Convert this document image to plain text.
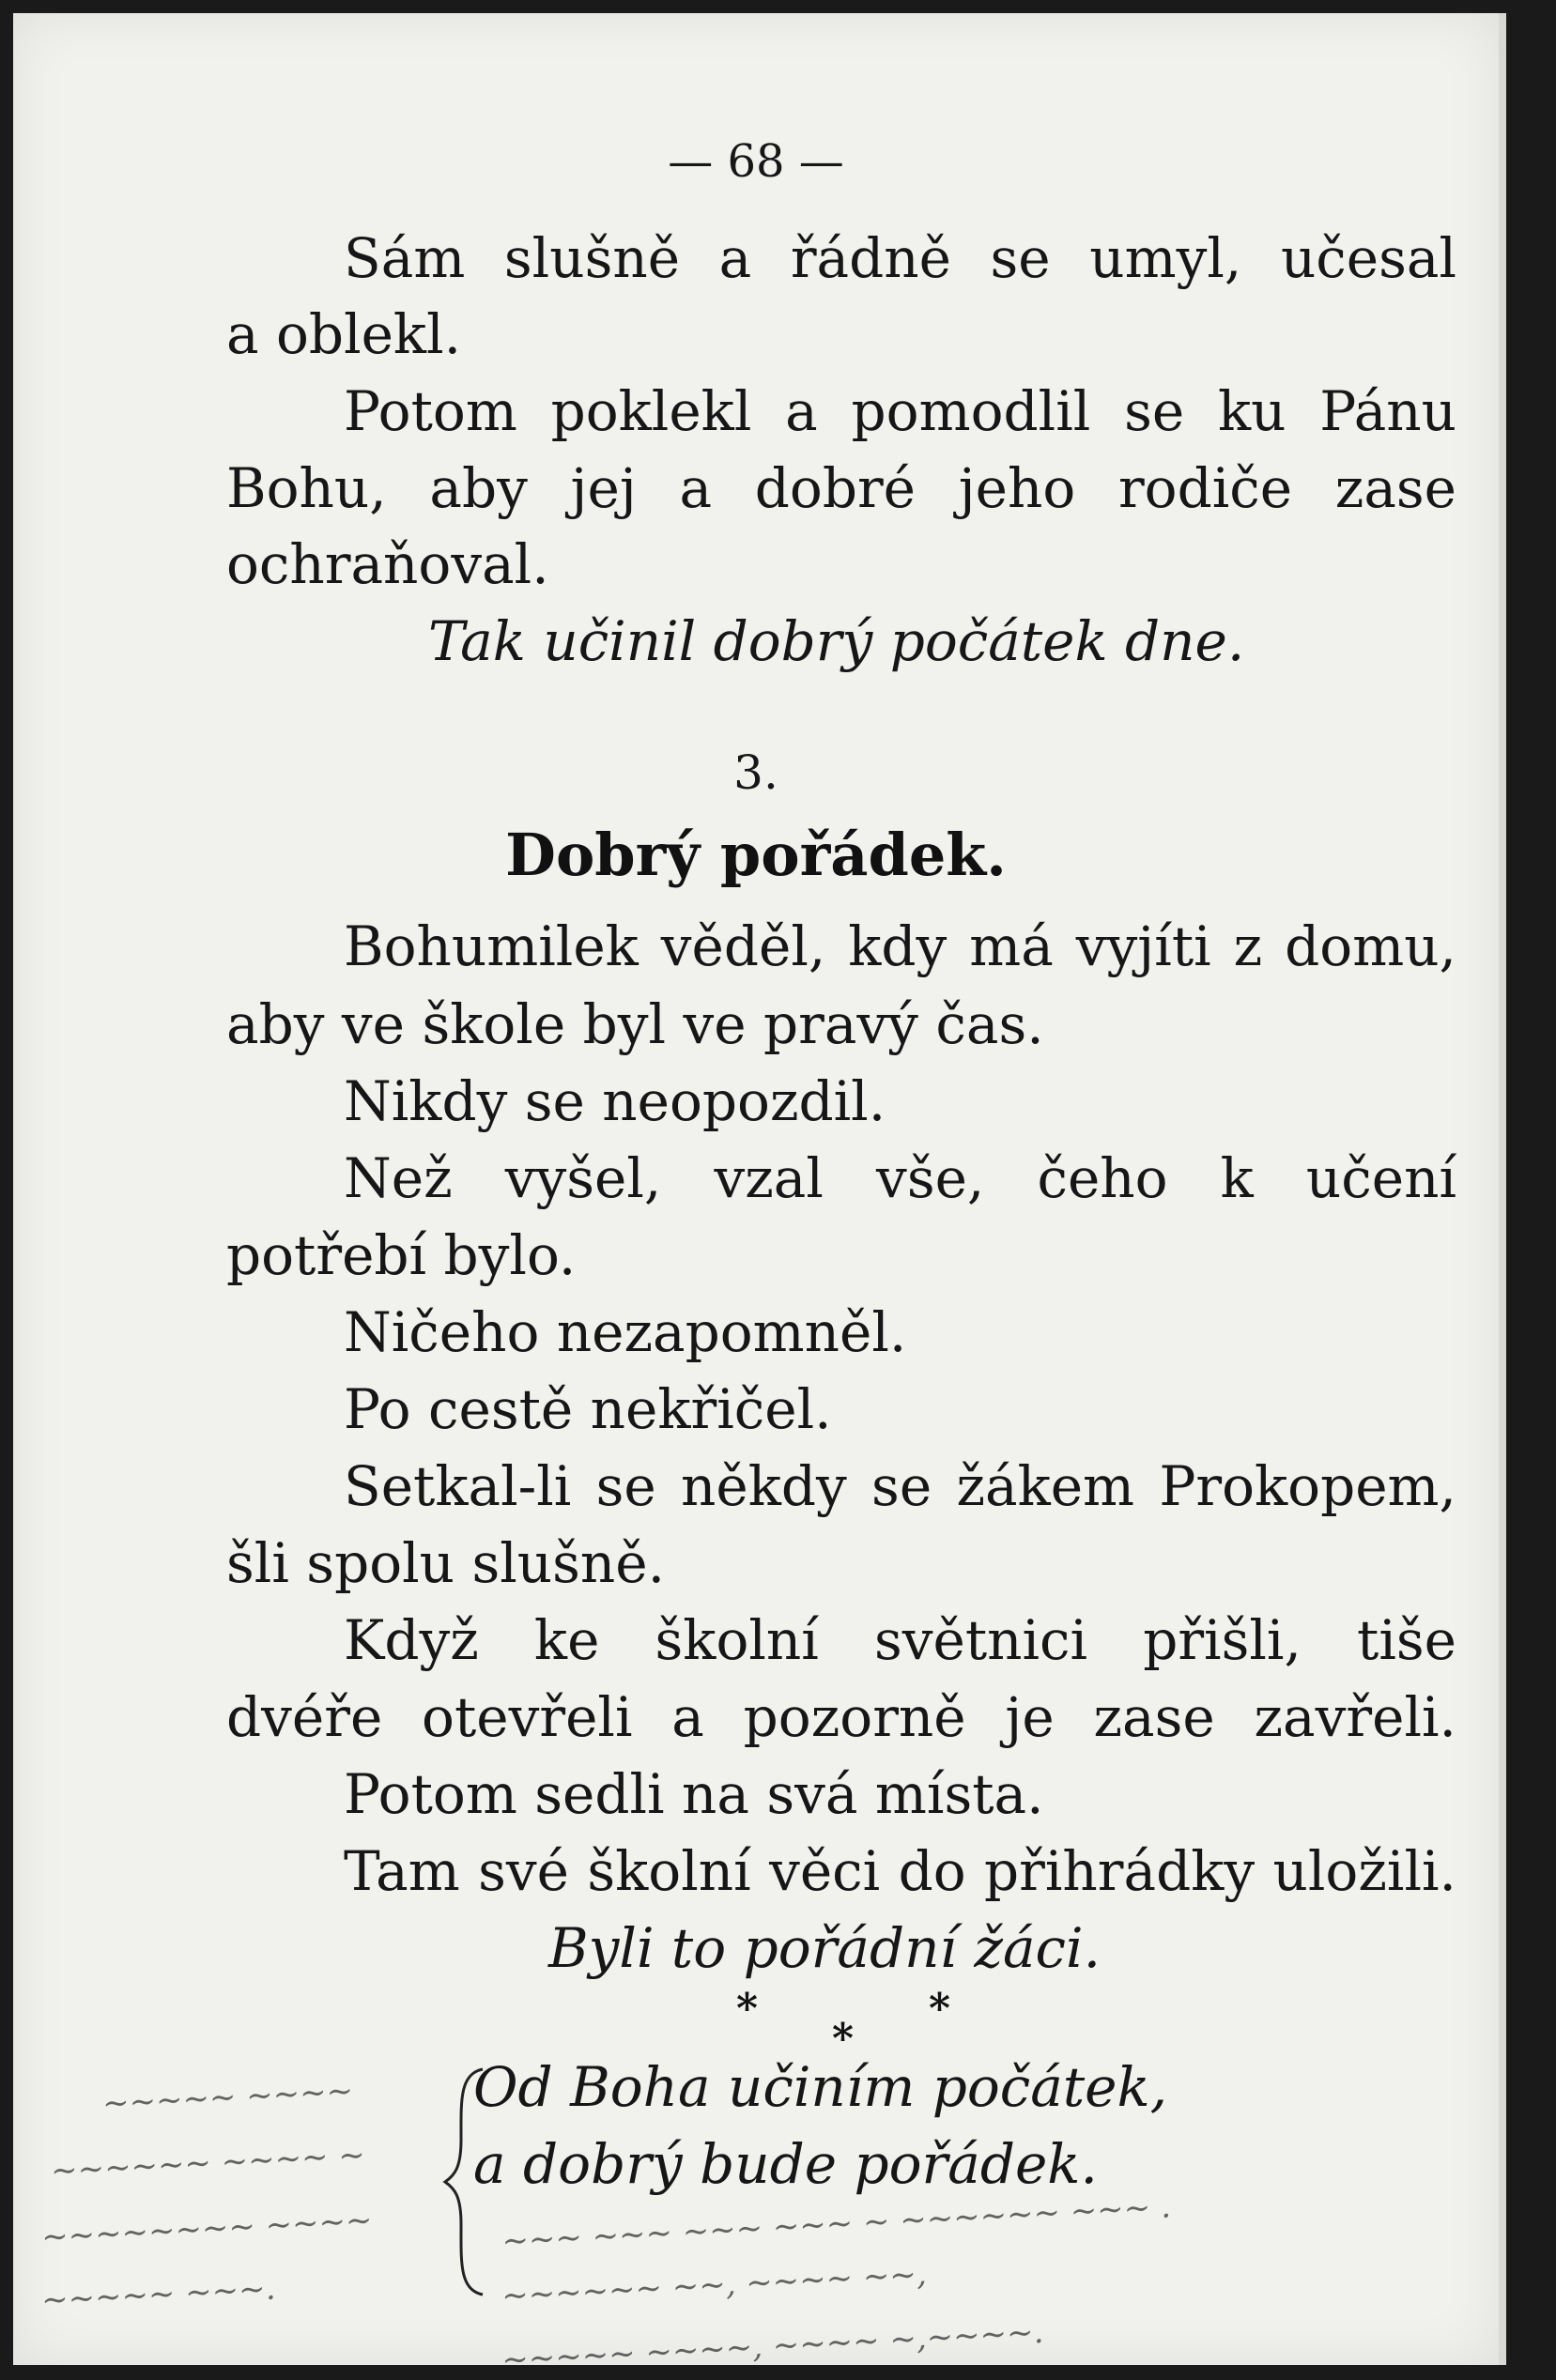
— 68 —
Sám slušně a řádně se umyl, učesal
a oblekl.
Potom poklekl a pomodlil se ku Pánu
Bohu, aby jej a dobré jeho rodiče zase
ochraňoval.
Tak učinil dobrý počátek dne.
3.
Dobrý pořádek.
Bohumilek věděl, kdy má vyjíti z domu,
aby ve škole byl ve pravý čas.
Nikdy se neopozdil.
Než vyšel, vzal vše, čeho k učení
potřebí bylo.
Ničeho nezapomněl.
Po cestě nekřičel.
Setkal-li se někdy se žákem Prokopem,
šli spolu slušně.
Když ke školní světnici přišli, tiše
dvéře otevřeli a pozorně je zase zavřeli.
Potom sedli na svá místa.
Tam své školní věci do přihrádky uložili.
Byli to pořádní žáci.
*
*
*
Od Boha učiním počátek,
a dobrý bude pořádek.
~~~~~ ~~~~
~~~~~~ ~~~~ ~
~~~~~~~~ ~~~~
~~~~~ ~~~.
~~~ ~~~ ~~~ ~~~ ~ ~~~~~~ ~~~ .
~~~~~~ ~~, ~~~~ ~~,
~~~~~ ~~~~, ~~~~ ~,~~~~.
